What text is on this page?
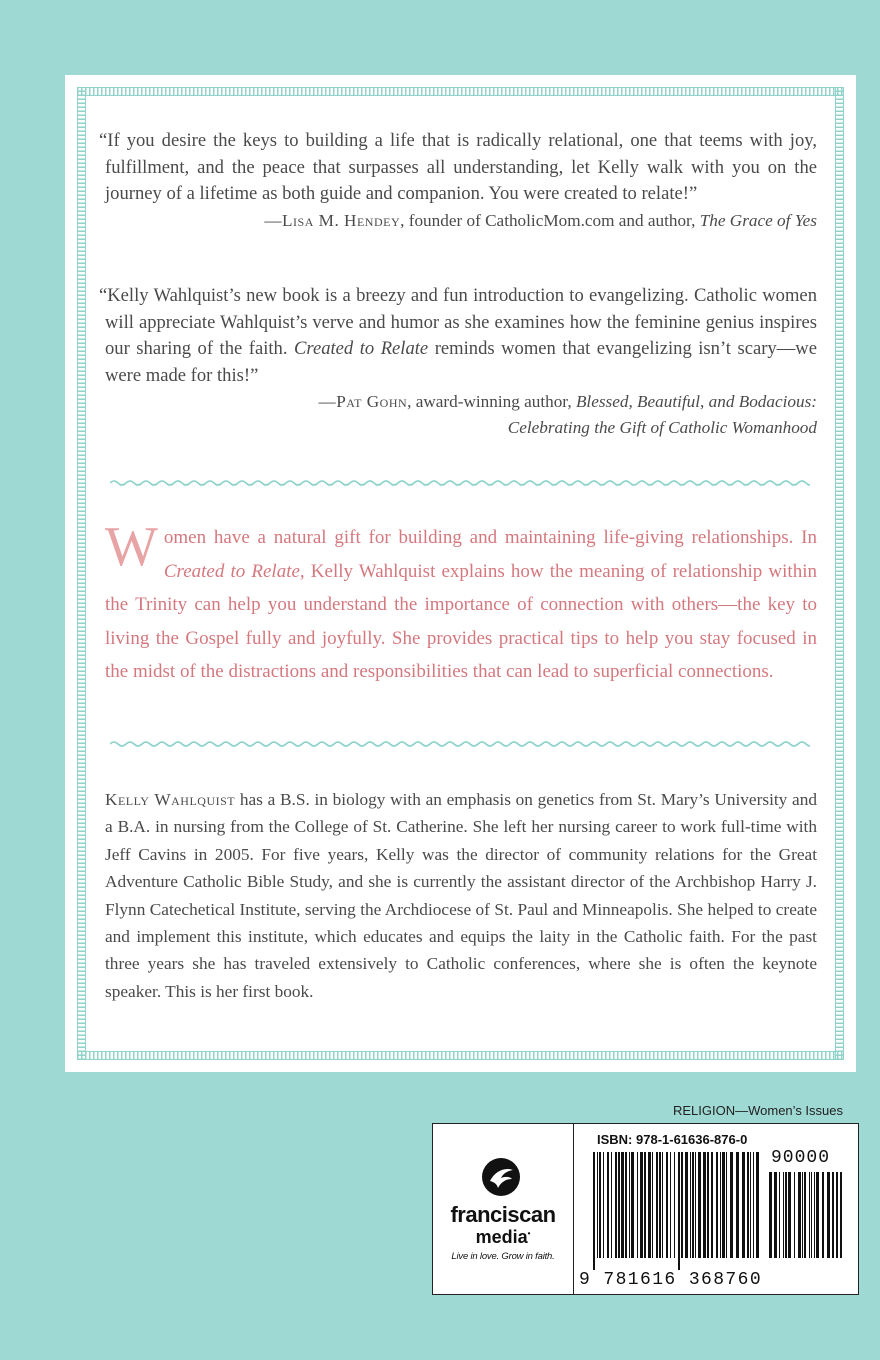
“If you desire the keys to building a life that is radically relational, one that teems with joy, fulfillment, and the peace that surpasses all understanding, let Kelly walk with you on the journey of a lifetime as both guide and companion. You were created to relate!”

—Lisa M. Hendey, founder of CatholicMom.com and author, The Grace of Yes

“Kelly Wahlquist’s new book is a breezy and fun introduction to evangelizing. Catholic women will appreciate Wahlquist’s verve and humor as she examines how the feminine genius inspires our sharing of the faith. Created to Relate reminds women that evangelizing isn’t scary—we were made for this!”

—Pat Gohn, award-winning author, Blessed, Beautiful, and Bodacious:
Celebrating the Gift of Catholic Womanhood
Women have a natural gift for building and maintaining life-giving relationships. In Created to Relate, Kelly Wahlquist explains how the meaning of relationship within the Trinity can help you understand the importance of connection with others—the key to living the Gospel fully and joyfully. She provides practical tips to help you stay focused in the midst of the distractions and responsibilities that can lead to superficial connections.
Kelly Wahlquist has a B.S. in biology with an emphasis on genetics from St. Mary’s University and a B.A. in nursing from the College of St. Catherine. She left her nursing career to work full-time with Jeff Cavins in 2005. For five years, Kelly was the director of community relations for the Great Adventure Catholic Bible Study, and she is currently the assistant director of the Archbishop Harry J. Flynn Catechetical Institute, serving the Archdiocese of St. Paul and Minneapolis. She helped to create and implement this institute, which educates and equips the laity in the Catholic faith. For the past three years she has traveled extensively to Catholic conferences, where she is often the keynote speaker. This is her first book.
RELIGION—Women’s Issues
franciscan
media•
Live in love. Grow in faith.
ISBN: 978-1-61636-876-0
90000
9 781616 368760
